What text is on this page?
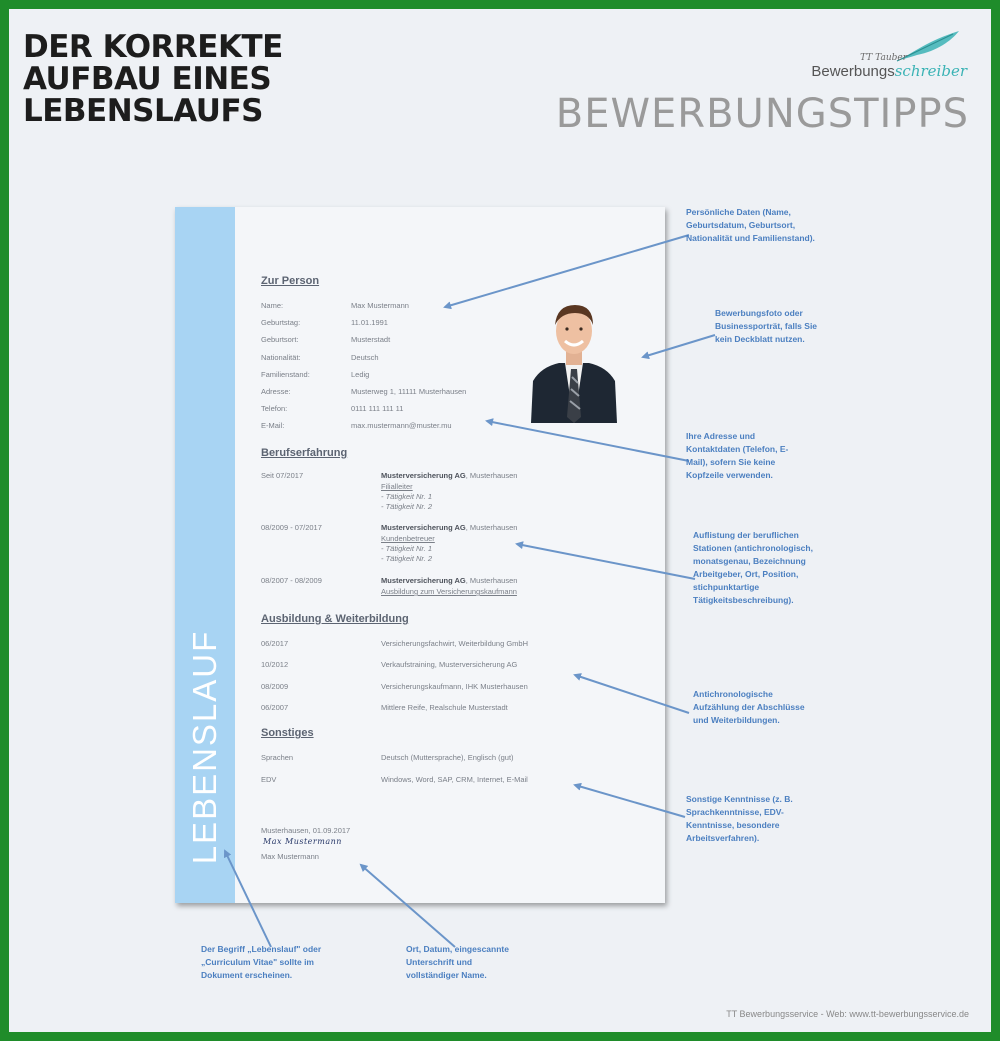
DER KORREKTE
AUFBAU EINES
LEBENSLAUFS
TT Tauber
Bewerbungsschreiber
BEWERBUNGSTIPPS
LEBENSLAUF
Zur Person
Name:	Max Mustermann
Geburtstag:	11.01.1991
Geburtsort:	Musterstadt
Nationalität:	Deutsch
Familienstand:	Ledig
Adresse:	Musterweg 1, 11111 Musterhausen
Telefon:	0111 111 111 11
E-Mail:	max.mustermann@muster.mu
Berufserfahrung
Seit 07/2017	Musterversicherung AG, Musterhausen
Filialleiter
- Tätigkeit Nr. 1
- Tätigkeit Nr. 2
08/2009 - 07/2017	Musterversicherung AG, Musterhausen
Kundenbetreuer
- Tätigkeit Nr. 1
- Tätigkeit Nr. 2
08/2007 - 08/2009	Musterversicherung AG, Musterhausen
Ausbildung zum Versicherungskaufmann
Ausbildung & Weiterbildung
06/2017	Versicherungsfachwirt, Weiterbildung GmbH
10/2012	Verkaufstraining, Musterversicherung AG
08/2009	Versicherungskaufmann, IHK Musterhausen
06/2007	Mittlere Reife, Realschule Musterstadt
Sonstiges
Sprachen	Deutsch (Muttersprache), Englisch (gut)
EDV	Windows, Word, SAP, CRM, Internet, E-Mail
Musterhausen, 01.09.2017
Max Mustermann
Max Mustermann
Persönliche Daten (Name,
Geburtsdatum, Geburtsort,
Nationalität und Familienstand).
Bewerbungsfoto oder
Businessporträt, falls Sie
kein Deckblatt nutzen.
Ihre Adresse und
Kontaktdaten (Telefon, E-
Mail), sofern Sie keine
Kopfzeile verwenden.
Auflistung der beruflichen
Stationen (antichronologisch,
monatsgenau, Bezeichnung
Arbeitgeber, Ort, Position,
stichpunktartige
Tätigkeitsbeschreibung).
Antichronologische
Aufzählung der Abschlüsse
und Weiterbildungen.
Sonstige Kenntnisse (z. B.
Sprachkenntnisse, EDV-
Kenntnisse, besondere
Arbeitsverfahren).
Der Begriff „Lebenslauf" oder
„Curriculum Vitae" sollte im
Dokument erscheinen.
Ort, Datum, eingescannte
Unterschrift und
vollständiger Name.
TT Bewerbungsservice - Web: www.tt-bewerbungsservice.de
